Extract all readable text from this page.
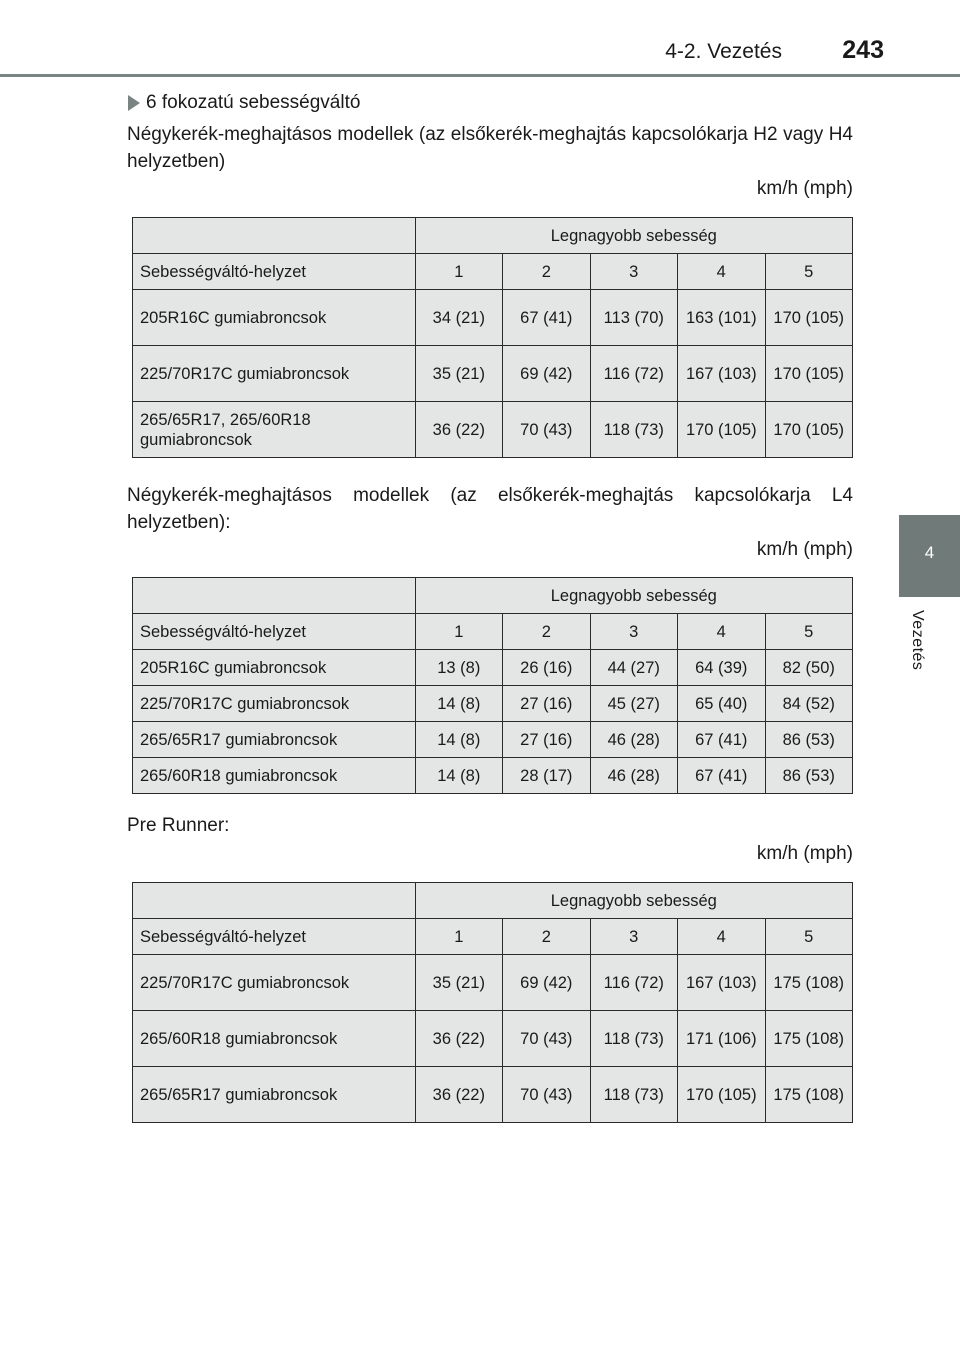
4-2. Vezetés 243
4
Vezetés
6 fokozatú sebességváltó
Négykerék-meghajtásos modellek (az elsőkerék-meghajtás kapcsolókarja H2 vagy H4 helyzetben)
km/h (mph)
	Legnagyobb sebesség				
Sebességváltó-helyzet	1	2	3	4	5
205R16C gumiabroncsok	34 (21)	67 (41)	113 (70)	163 (101)	170 (105)
225/70R17C gumiabroncsok	35 (21)	69 (42)	116 (72)	167 (103)	170 (105)
265/65R17, 265/60R18 gumiabroncsok	36 (22)	70 (43)	118 (73)	170 (105)	170 (105)
Négykerék-meghajtásos modellek (az elsőkerék-meghajtás kapcsolókarja L4 helyzetben):
km/h (mph)
	Legnagyobb sebesség				
Sebességváltó-helyzet	1	2	3	4	5
205R16C gumiabroncsok	13 (8)	26 (16)	44 (27)	64 (39)	82 (50)
225/70R17C gumiabroncsok	14 (8)	27 (16)	45 (27)	65 (40)	84 (52)
265/65R17 gumiabroncsok	14 (8)	27 (16)	46 (28)	67 (41)	86 (53)
265/60R18 gumiabroncsok	14 (8)	28 (17)	46 (28)	67 (41)	86 (53)
Pre Runner:
km/h (mph)
	Legnagyobb sebesség				
Sebességváltó-helyzet	1	2	3	4	5
225/70R17C gumiabroncsok	35 (21)	69 (42)	116 (72)	167 (103)	175 (108)
265/60R18 gumiabroncsok	36 (22)	70 (43)	118 (73)	171 (106)	175 (108)
265/65R17 gumiabroncsok	36 (22)	70 (43)	118 (73)	170 (105)	175 (108)
